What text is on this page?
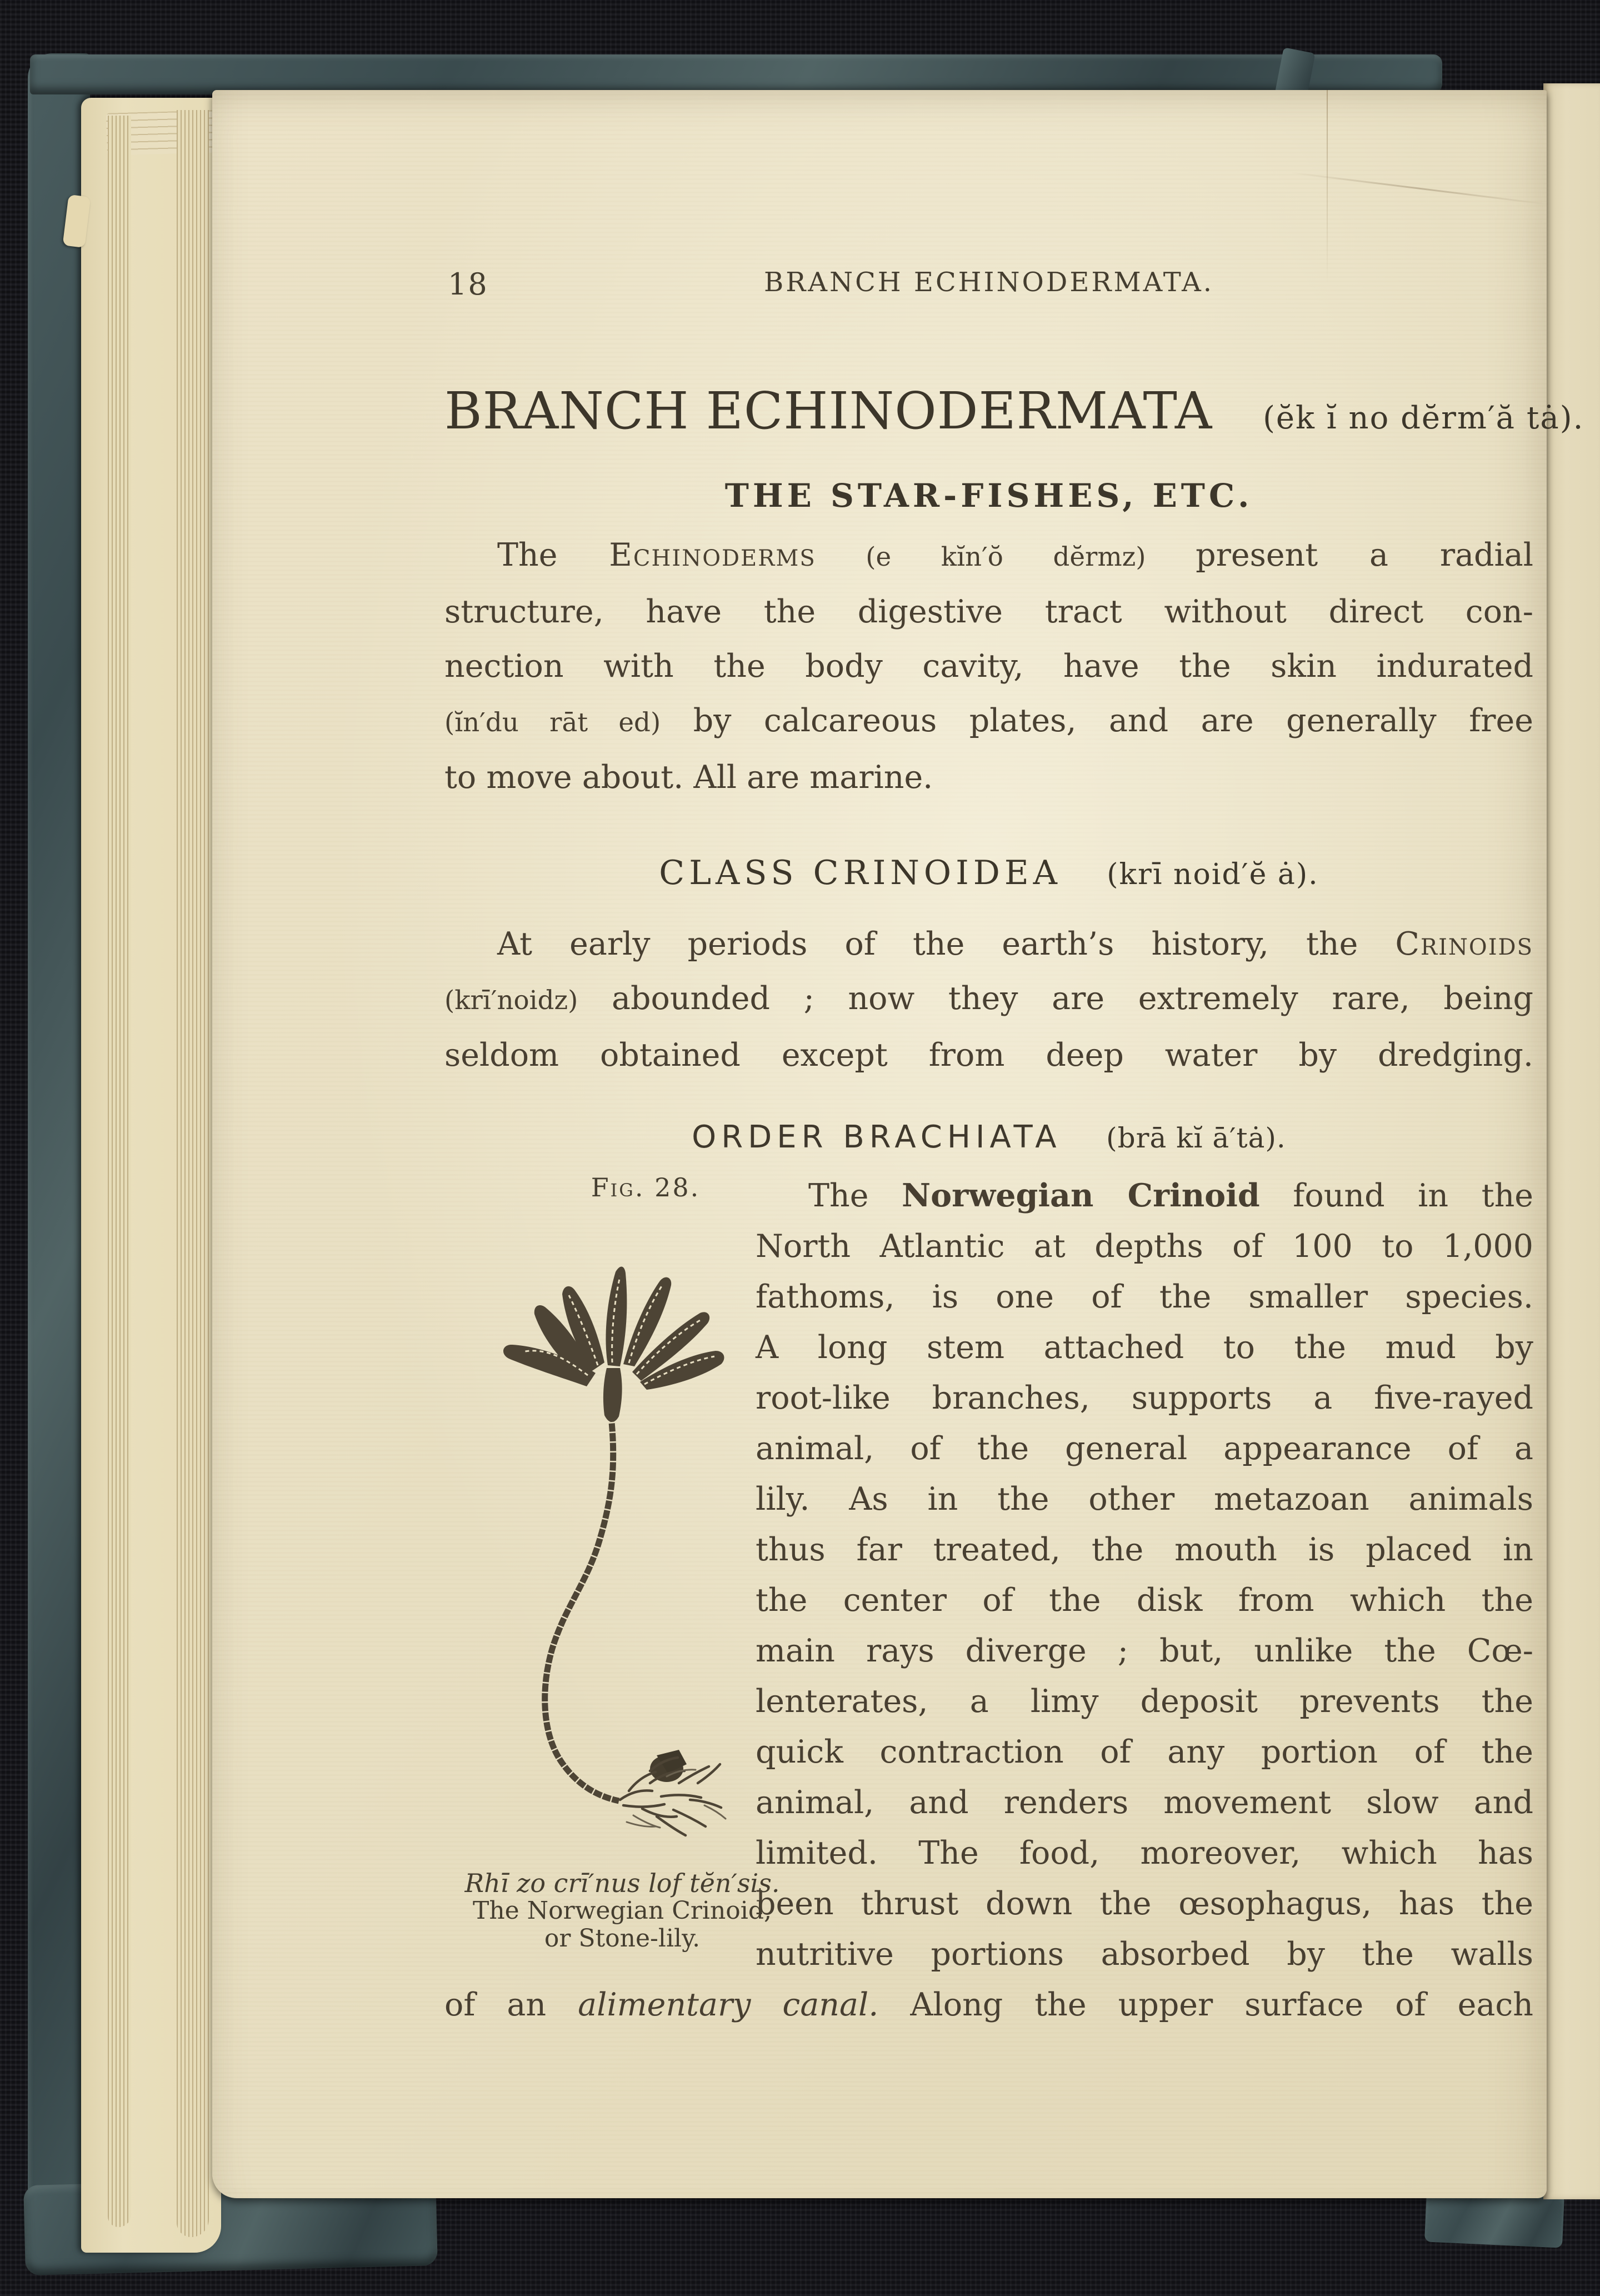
18	BRANCH ECHINODERMATA.
BRANCH ECHINODERMATA (ĕk ĭ no dĕrm′ă tȧ).
THE STAR-FISHES, ETC.
The Echinoderms (e kĭn′ŏ dĕrmz) present a radial
structure, have the digestive tract without direct con-
nection with the body cavity, have the skin indurated
(ĭn′du rāt ed) by calcareous plates, and are generally free
to move about. All are marine.
CLASS CRINOIDEA (krī noid′ĕ ȧ).
At early periods of the earth’s history, the Crinoids
(krī′noidz) abounded ; now they are extremely rare, being
seldom obtained except from deep water by dredging.
ORDER BRACHIATA (brā kĭ ā′tȧ).
Fig. 28.
Rhī zo crī′nus lof tĕn′sis.
The Norwegian Crinoid,
or Stone-lily.
The Norwegian Crinoid found in the
North Atlantic at depths of 100 to 1,000
fathoms, is one of the smaller species.
A long stem attached to the mud by
root-like branches, supports a five-rayed
animal, of the general appearance of a
lily. As in the other metazoan animals
thus far treated, the mouth is placed in
the center of the disk from which the
main rays diverge ; but, unlike the Cœ-
lenterates, a limy deposit prevents the
quick contraction of any portion of the
animal, and renders movement slow and
limited. The food, moreover, which has
been thrust down the œsophagus, has the
nutritive portions absorbed by the walls
of an alimentary canal. Along the upper surface of each
